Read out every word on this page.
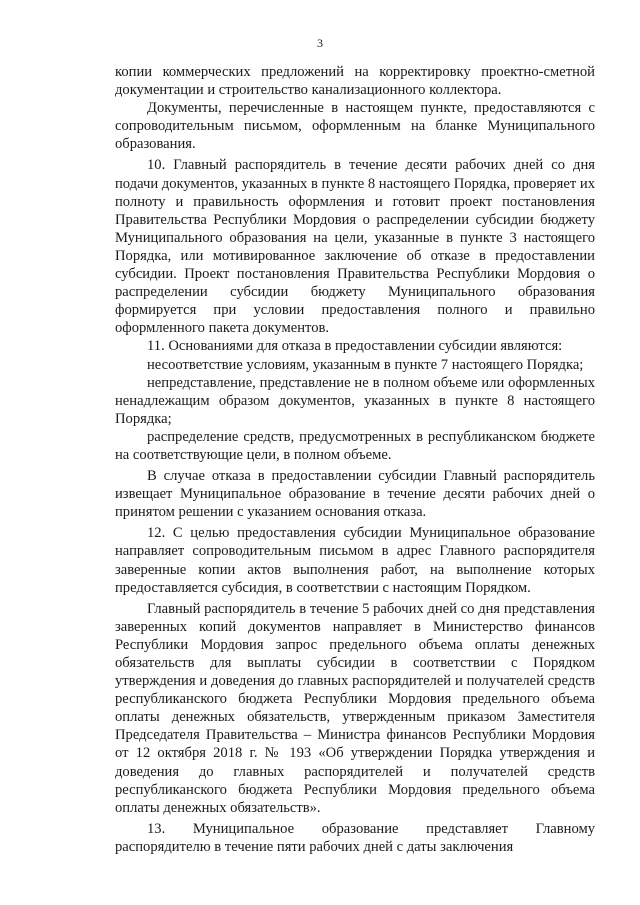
3

копии коммерческих предложений на корректировку проектно-сметной документации и строительство канализационного коллектора.

Документы, перечисленные в настоящем пункте, предоставляются с сопроводительным письмом, оформленным на бланке Муниципального образования.

10. Главный распорядитель в течение десяти рабочих дней со дня подачи документов, указанных в пункте 8 настоящего Порядка, проверяет их полноту и правильность оформления и готовит проект постановления Правительства Республики Мордовия о распределении субсидии бюджету Муниципального образования на цели, указанные в пункте 3 настоящего Порядка, или мотивированное заключение об отказе в предоставлении субсидии. Проект постановления Правительства Республики Мордовия о распределении субсидии бюджету Муниципального образования формируется при условии предоставления полного и правильно оформленного пакета документов.

11. Основаниями для отказа в предоставлении субсидии являются:

несоответствие условиям, указанным в пункте 7 настоящего Порядка;

непредставление, представление не в полном объеме или оформленных ненадлежащим образом документов, указанных в пункте 8 настоящего Порядка;

распределение средств, предусмотренных в республиканском бюджете на соответствующие цели, в полном объеме.

В случае отказа в предоставлении субсидии Главный распорядитель извещает Муниципальное образование в течение десяти рабочих дней о принятом решении с указанием основания отказа.

12. С целью предоставления субсидии Муниципальное образование направляет сопроводительным письмом в адрес Главного распорядителя заверенные копии актов выполнения работ, на выполнение которых предоставляется субсидия, в соответствии с настоящим Порядком.

Главный распорядитель в течение 5 рабочих дней со дня представления заверенных копий документов направляет в Министерство финансов Республики Мордовия запрос предельного объема оплаты денежных обязательств для выплаты субсидии в соответствии с Порядком утверждения и доведения до главных распорядителей и получателей средств республиканского бюджета Республики Мордовия предельного объема оплаты денежных обязательств, утвержденным приказом Заместителя Председателя Правительства – Министра финансов Республики Мордовия от 12 октября 2018 г. № 193 «Об утверждении Порядка утверждения и доведения до главных распорядителей и получателей средств республиканского бюджета Республики Мордовия предельного объема оплаты денежных обязательств».

13. Муниципальное образование представляет Главному распорядителю в течение пяти рабочих дней с даты заключения
